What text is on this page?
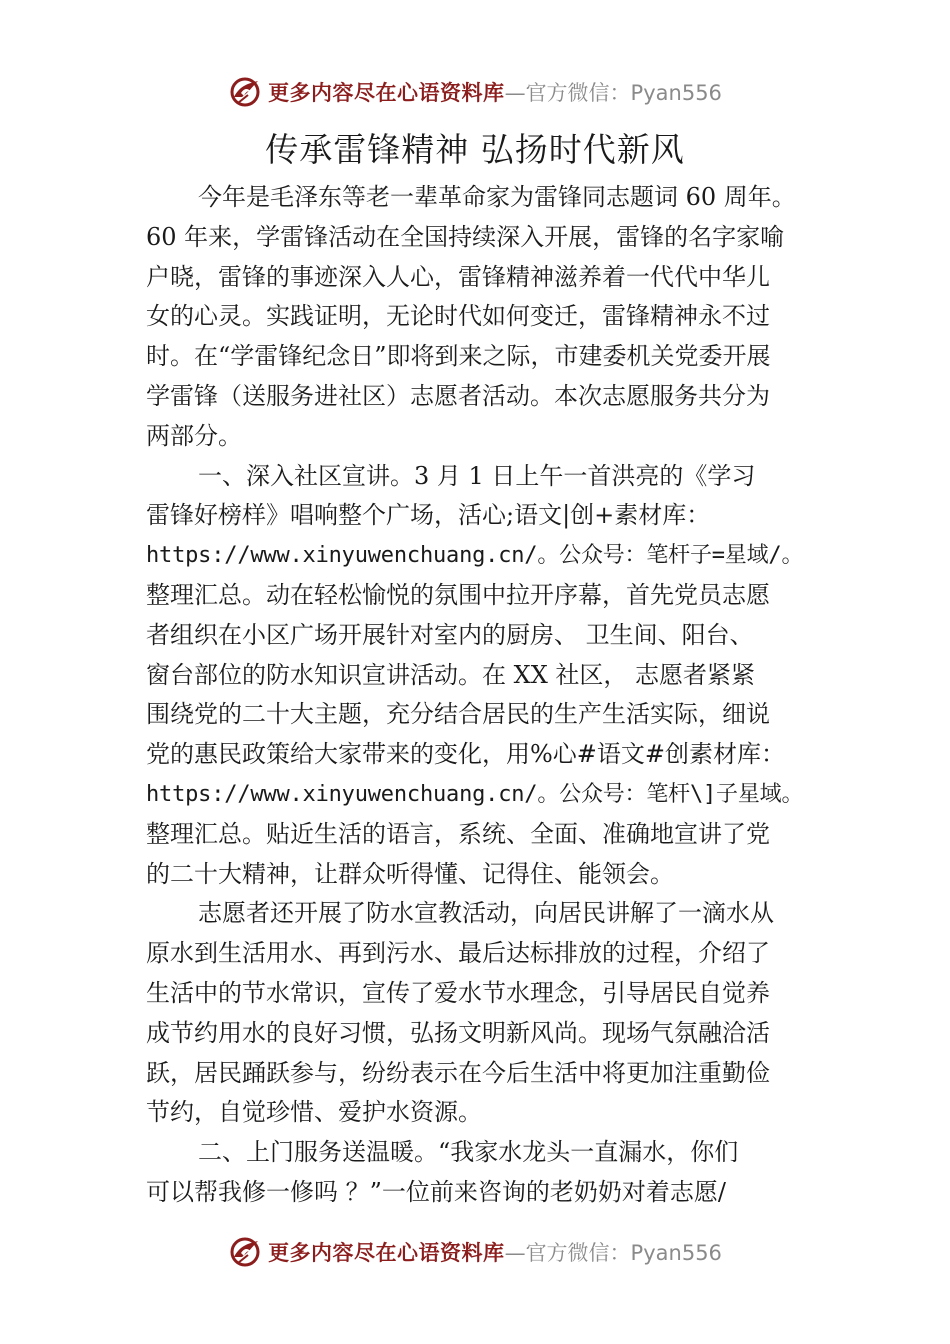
更多内容尽在心语资料库 —官方微信：Pyan556
传承雷锋精神 弘扬时代新风
今年是毛泽东等老一辈革命家为雷锋同志题词 60 周年。
60 年来，学雷锋活动在全国持续深入开展，雷锋的名字家喻
户晓，雷锋的事迹深入人心，雷锋精神滋养着一代代中华儿
女的心灵。实践证明，无论时代如何变迁，雷锋精神永不过
时。在“学雷锋纪念日”即将到来之际，市建委机关党委开展
学雷锋（送服务进社区）志愿者活动。本次志愿服务共分为
两部分。
一、深入社区宣讲。3 月 1 日上午一首洪亮的《学习
雷锋好榜样》唱响整个广场，活心;语文|创+素材库：
https://www.xinyuwenchuang.cn/。公众号：笔杆子=星域/。
整理汇总。动在轻松愉悦的氛围中拉开序幕，首先党员志愿
者组织在小区广场开展针对室内的厨房、 卫生间、阳台、
窗台部位的防水知识宣讲活动。在 XX 社区， 志愿者紧紧
围绕党的二十大主题，充分结合居民的生产生活实际，细说
党的惠民政策给大家带来的变化，用%心#语文#创素材库：
https://www.xinyuwenchuang.cn/。公众号：笔杆\]子星域。
整理汇总。贴近生活的语言，系统、全面、准确地宣讲了党
的二十大精神，让群众听得懂、记得住、能领会。
志愿者还开展了防水宣教活动，向居民讲解了一滴水从
原水到生活用水、再到污水、最后达标排放的过程，介绍了
生活中的节水常识，宣传了爱水节水理念，引导居民自觉养
成节约用水的良好习惯，弘扬文明新风尚。现场气氛融洽活
跃，居民踊跃参与，纷纷表示在今后生活中将更加注重勤俭
节约，自觉珍惜、爱护水资源。
二、上门服务送温暖。“我家水龙头一直漏水，你们
可以帮我修一修吗 ？”一位前来咨询的老奶奶对着志愿/
更多内容尽在心语资料库 —官方微信：Pyan556
